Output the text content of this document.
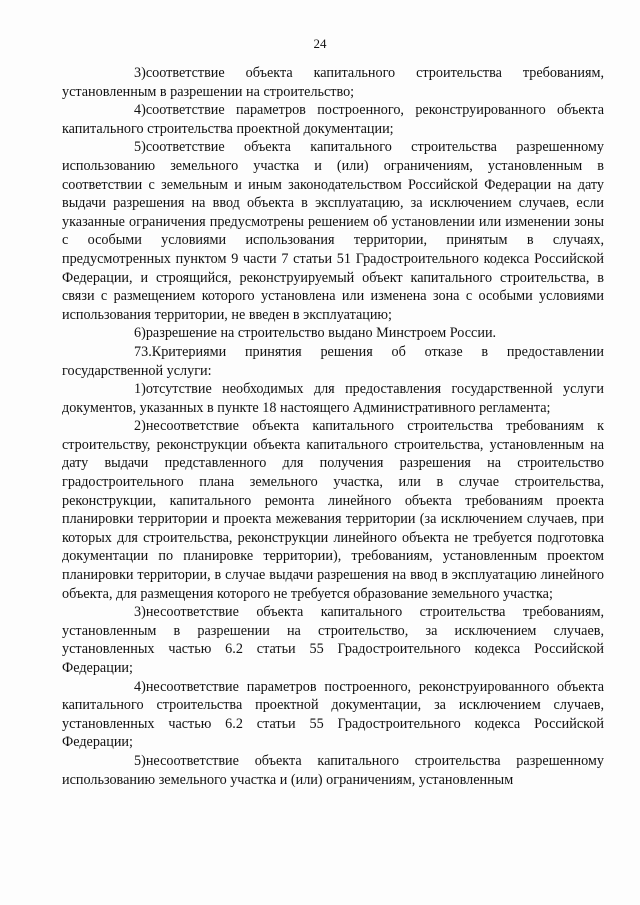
24

3)соответствие объекта капитального строительства требованиям, установленным в разрешении на строительство;

4)соответствие параметров построенного, реконструированного объекта капитального строительства проектной документации;

5)соответствие объекта капитального строительства разрешенному использованию земельного участка и (или) ограничениям, установленным в соответствии с земельным и иным законодательством Российской Федерации на дату выдачи разрешения на ввод объекта в эксплуатацию, за исключением случаев, если указанные ограничения предусмотрены решением об установлении или изменении зоны с особыми условиями использования территории, принятым в случаях, предусмотренных пунктом 9 части 7 статьи 51 Градостроительного кодекса Российской Федерации, и строящийся, реконструируемый объект капитального строительства, в связи с размещением которого установлена или изменена зона с особыми условиями использования территории, не введен в эксплуатацию;

6)разрешение на строительство выдано Минстроем России.

73.Критериями принятия решения об отказе в предоставлении государственной услуги:

1)отсутствие необходимых для предоставления государственной услуги документов, указанных в пункте 18 настоящего Административного регламента;

2)несоответствие объекта капитального строительства требованиям к строительству, реконструкции объекта капитального строительства, установленным на дату выдачи представленного для получения разрешения на строительство градостроительного плана земельного участка, или в случае строительства, реконструкции, капитального ремонта линейного объекта требованиям проекта планировки территории и проекта межевания территории (за исключением случаев, при которых для строительства, реконструкции линейного объекта не требуется подготовка документации по планировке территории), требованиям, установленным проектом планировки территории, в случае выдачи разрешения на ввод в эксплуатацию линейного объекта, для размещения которого не требуется образование земельного участка;

3)несоответствие объекта капитального строительства требованиям, установленным в разрешении на строительство, за исключением случаев, установленных частью 6.2 статьи 55 Градостроительного кодекса Российской Федерации;

4)несоответствие параметров построенного, реконструированного объекта капитального строительства проектной документации, за исключением случаев, установленных частью 6.2 статьи 55 Градостроительного кодекса Российской Федерации;

5)несоответствие объекта капитального строительства разрешенному использованию земельного участка и (или) ограничениям, установленным
